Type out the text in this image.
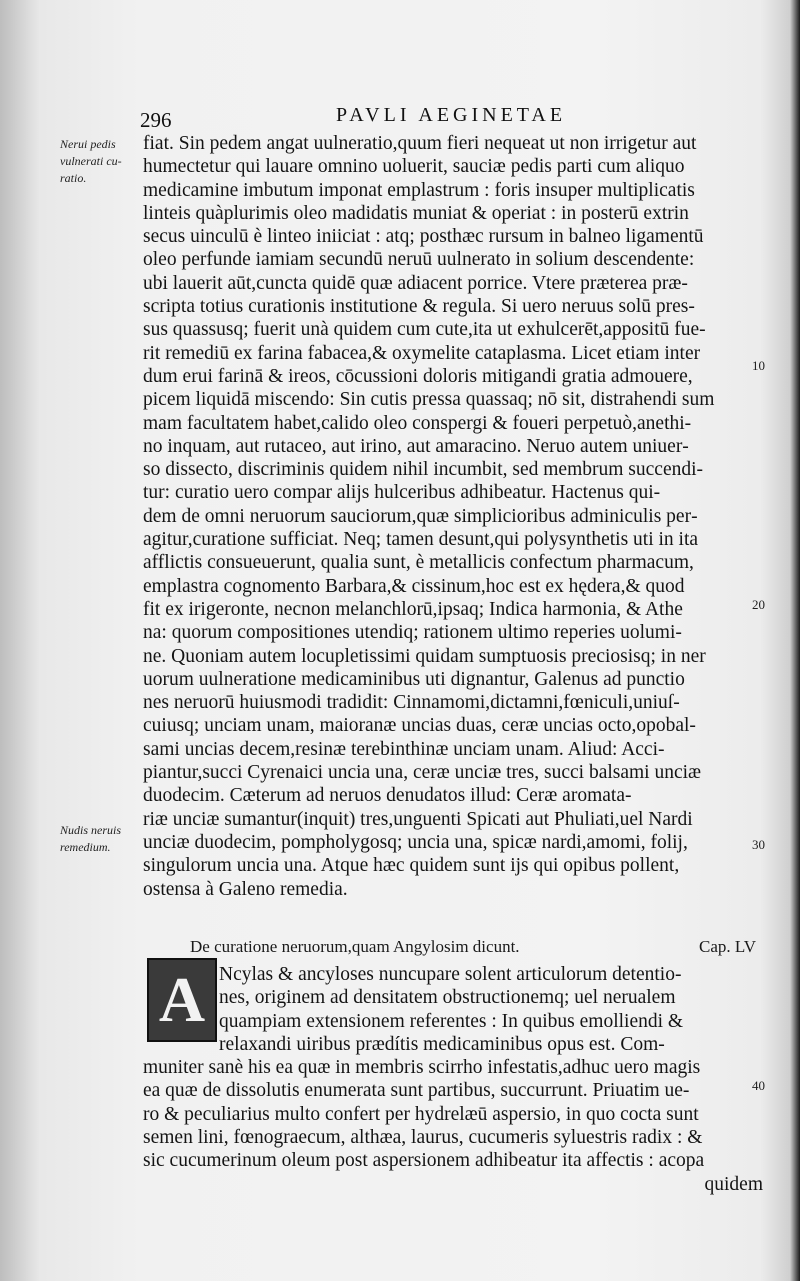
296	PAVLI AEGINETAE
Nerui pedis vulnerati cu‑ ratio.
Nudis neruis remedium.
10
20
30
40
fiat. Sin pedem angat uulneratio,quum fieri nequeat ut non irrigetur aut
humectetur qui lauare omnino uoluerit, sauciæ pedis parti cum aliquo
medicamine imbutum imponat emplastrum : foris insuper multiplicatis
linteis quàplurimis oleo madidatis muniat & operiat : in posterū extrin
secus uinculū è linteo iniiciat : atq; posthæc rursum in balneo ligamentū
oleo perfunde iamiam secundū neruū uulnerato in solium descendente:
ubi lauerit aūt,cuncta quidē quæ adiacent porrice. Vtere præterea præ‑
scripta totius curationis institutione & regula. Si uero neruus solū pres‑
sus quassusq; fuerit unà quidem cum cute,ita ut exhulcerēt,appositū fue‑
rit remediū ex farina fabacea,& oxymelite cataplasma. Licet etiam inter
dum erui farinā & ireos, cōcussioni doloris mitigandi gratia admouere,
picem liquidā miscendo: Sin cutis pressa quassaq; nō sit, distrahendi sum
mam facultatem habet,calido oleo conspergi & foueri perpetuò,anethi‑
no inquam, aut rutaceo, aut irino, aut amaracino. Neruo autem uniuer‑
so dissecto, discriminis quidem nihil incumbit, sed membrum succendi‑
tur: curatio uero compar alijs hulceribus adhibeatur. Hactenus qui‑
dem de omni neruorum sauciorum,quæ simplicioribus adminiculis per‑
agitur,curatione sufficiat. Neq; tamen desunt,qui polysynthetis uti in ita
afflictis consueuerunt, qualia sunt, è metallicis confectum pharmacum,
emplastra cognomento Barbara,& cissinum,hoc est ex hędera,& quod
fit ex irigeronte, necnon melanchlorū,ipsaq; Indica harmonia, & Athe
na: quorum compositiones utendiq; rationem ultimo reperies uolumi‑
ne. Quoniam autem locupletissimi quidam sumptuosis preciosisq; in ner
uorum uulneratione medicaminibus uti dignantur, Galenus ad punctio
nes neruorū huiusmodi tradidit: Cinnamomi,dictamni,fœniculi,uniuſ‑
cuiusq; unciam unam, maioranæ uncias duas, ceræ uncias octo,opobal‑
sami uncias decem,resinæ terebinthinæ unciam unam. Aliud: Acci‑
piantur,succi Cyrenaici uncia una, ceræ unciæ tres, succi balsami unciæ
duodecim. Cæterum ad neruos denudatos illud: Ceræ aromata‑
riæ unciæ sumantur(inquit) tres,unguenti Spicati aut Phuliati,uel Nardi
unciæ duodecim, pompholygosq; uncia una, spicæ nardi,amomi, folij,
singulorum uncia una. Atque hæc quidem sunt ijs qui opibus pollent,
ostensa à Galeno remedia.
De curatione neruorum,quam Angylosim dicunt.	Cap. LV
A Ncylas & ancyloses nuncupare solent articulorum detentio‑
nes, originem ad densitatem obstructionemq; uel nerualem
quampiam extensionem referentes : In quibus emolliendi &
relaxandi uiribus prædítis medicaminibus opus est. Com‑
muniter sanè his ea quæ in membris scirrho infestatis,adhuc uero magis
ea quæ de dissolutis enumerata sunt partibus, succurrunt. Priuatim ue‑
ro & peculiarius multo confert per hydrelæū aspersio, in quo cocta sunt
semen lini, fœnograecum, althæa, laurus, cucumeris syluestris radix : &
sic cucumerinum oleum post aspersionem adhibeatur ita affectis : acopa
quidem
